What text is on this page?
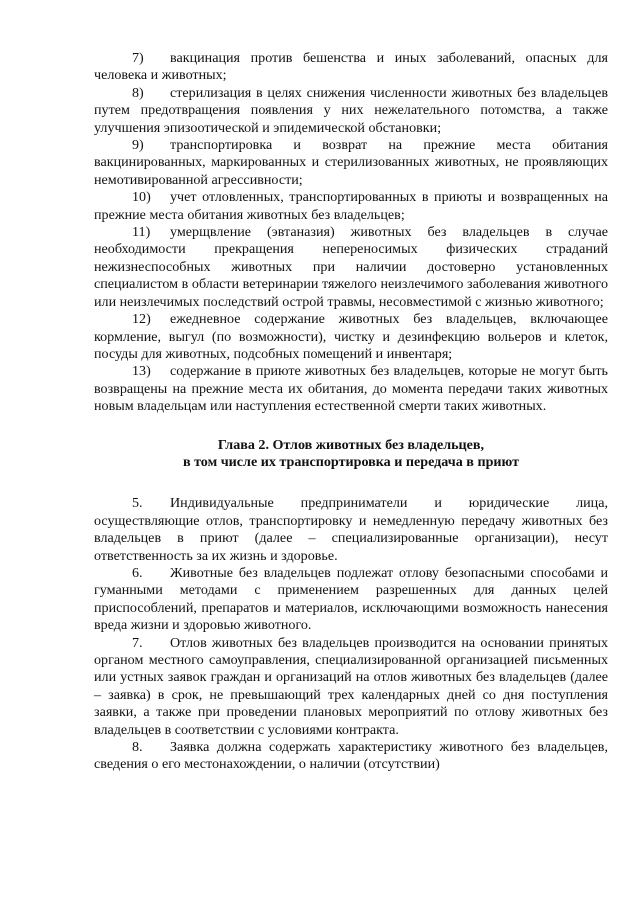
7) вакцинация против бешенства и иных заболеваний, опасных для человека и животных;

8) стерилизация в целях снижения численности животных без владельцев путем предотвращения появления у них нежелательного потомства, а также улучшения эпизоотической и эпидемической обстановки;

9) транспортировка и возврат на прежние места обитания вакцинированных, маркированных и стерилизованных животных, не проявляющих немотивированной агрессивности;

10) учет отловленных, транспортированных в приюты и возвращенных на прежние места обитания животных без владельцев;

11) умерщвление (эвтаназия) животных без владельцев в случае необходимости прекращения непереносимых физических страданий нежизнеспособных животных при наличии достоверно установленных специалистом в области ветеринарии тяжелого неизлечимого заболевания животного или неизлечимых последствий острой травмы, несовместимой с жизнью животного;

12) ежедневное содержание животных без владельцев, включающее кормление, выгул (по возможности), чистку и дезинфекцию вольеров и клеток, посуды для животных, подсобных помещений и инвентаря;

13) содержание в приюте животных без владельцев, которые не могут быть возвращены на прежние места их обитания, до момента передачи таких животных новым владельцам или наступления естественной смерти таких животных.

Глава 2. Отлов животных без владельцев,
в том числе их транспортировка и передача в приют

5. Индивидуальные предприниматели и юридические лица, осуществляющие отлов, транспортировку и немедленную передачу животных без владельцев в приют (далее – специализированные организации), несут ответственность за их жизнь и здоровье.

6. Животные без владельцев подлежат отлову безопасными способами и гуманными методами с применением разрешенных для данных целей приспособлений, препаратов и материалов, исключающими возможность нанесения вреда жизни и здоровью животного.

7. Отлов животных без владельцев производится на основании принятых органом местного самоуправления, специализированной организацией письменных или устных заявок граждан и организаций на отлов животных без владельцев (далее – заявка) в срок, не превышающий трех календарных дней со дня поступления заявки, а также при проведении плановых мероприятий по отлову животных без владельцев в соответствии с условиями контракта.

8. Заявка должна содержать характеристику животного без владельцев, сведения о его местонахождении, о наличии (отсутствии)
